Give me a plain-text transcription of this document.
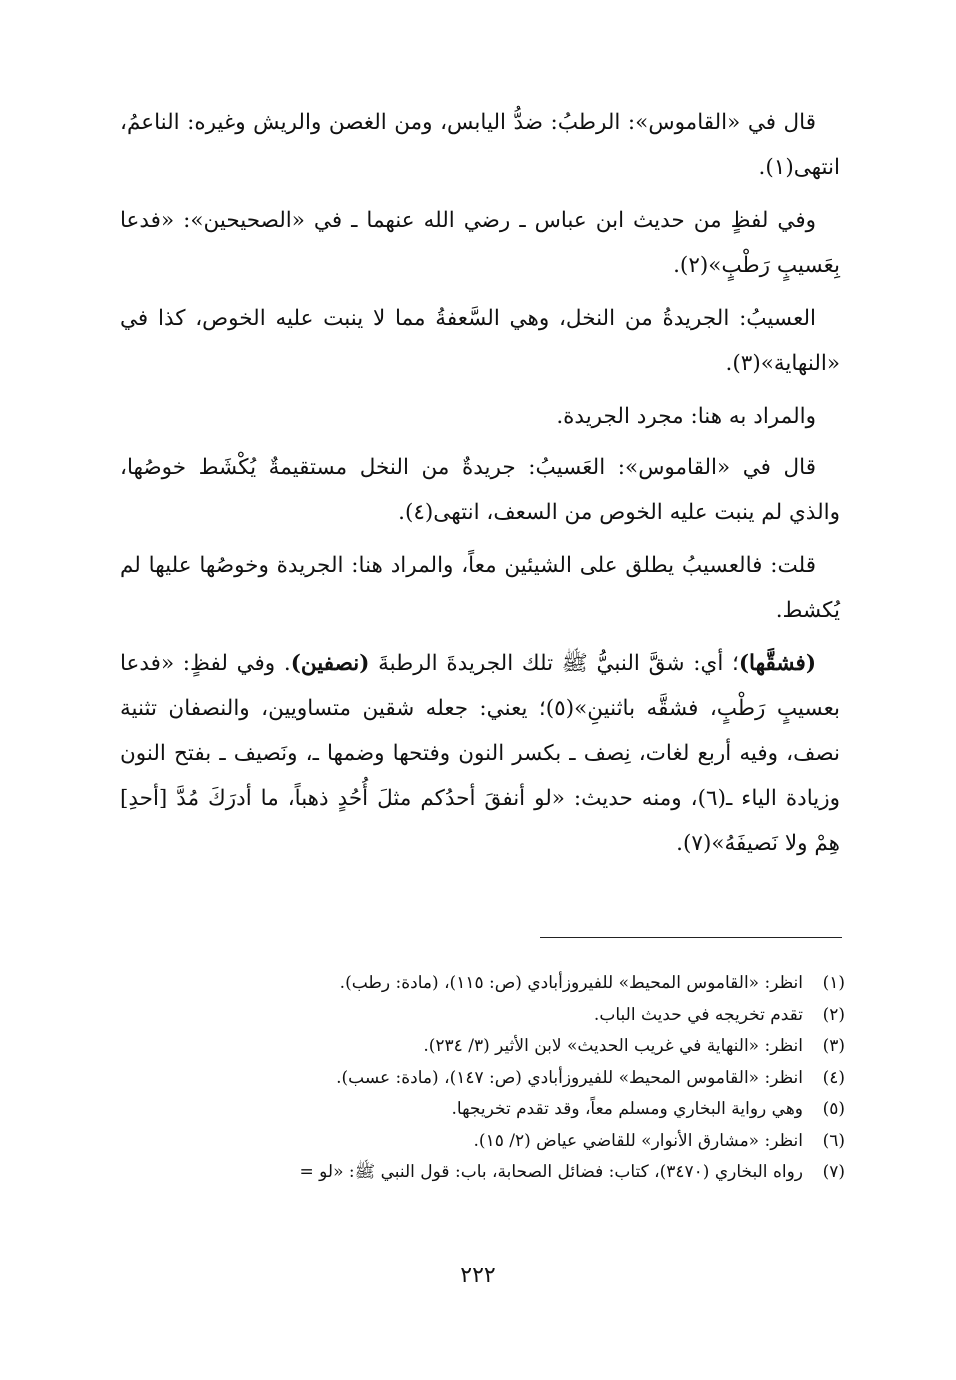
قال في «القاموس»: الرطبُ: ضدُّ اليابس، ومن الغصن والريش وغيره: الناعمُ، انتهى(١).

وفي لفظٍ من حديث ابن عباس ـ رضي الله عنهما ـ في «الصحيحين»: «فدعا بِعَسيبٍ رَطْبٍ»(٢).

العسيبُ: الجريدةُ من النخل، وهي السَّعفةُ مما لا ينبت عليه الخوص، كذا في «النهاية»(٣).

والمراد به هنا: مجرد الجريدة.

قال في «القاموس»: العَسيبُ: جريدةٌ من النخل مستقيمةٌ يُكْشَط خوصُها، والذي لم ينبت عليه الخوص من السعف، انتهى(٤).

قلت: فالعسيبُ يطلق على الشيئين معاً، والمراد هنا: الجريدة وخوصُها عليها لم يُكشط.

(فشقَّها)؛ أي: شقَّ النبيُّ ﷺ تلك الجريدةَ الرطبةَ (نصفين). وفي لفظٍ: «فدعا بعسيبٍ رَطْبٍ، فشقَّه باثنينِ»(٥)؛ يعني: جعله شقين متساويين، والنصفان تثنية نصف، وفيه أربع لغات، نِصف ـ بكسر النون وفتحها وضمها ـ، ونَصيف ـ بفتح النون وزيادة الياء ـ(٦)، ومنه حديث: «لو أنفقَ أحدُكم مثلَ أُحُدٍ ذهباً، ما أدرَكَ مُدَّ [أحدِ] هِمْ ولا نَصيفَهُ»(٧).

(١)
انظر: «القاموس المحيط» للفيروزأبادي (ص: ١١٥)، (مادة: رطب).
(٢)
تقدم تخريجه في حديث الباب.
(٣)
انظر: «النهاية في غريب الحديث» لابن الأثير (٣/ ٢٣٤).
(٤)
انظر: «القاموس المحيط» للفيروزأبادي (ص: ١٤٧)، (مادة: عسب).
(٥)
وهي رواية البخاري ومسلم معاً، وقد تقدم تخريجها.
(٦)
انظر: «مشارق الأنوار» للقاضي عياض (٢/ ١٥).
(٧)
رواه البخاري (٣٤٧٠)، كتاب: فضائل الصحابة، باب: قول النبي ﷺ: «لو =
٢٢٢
